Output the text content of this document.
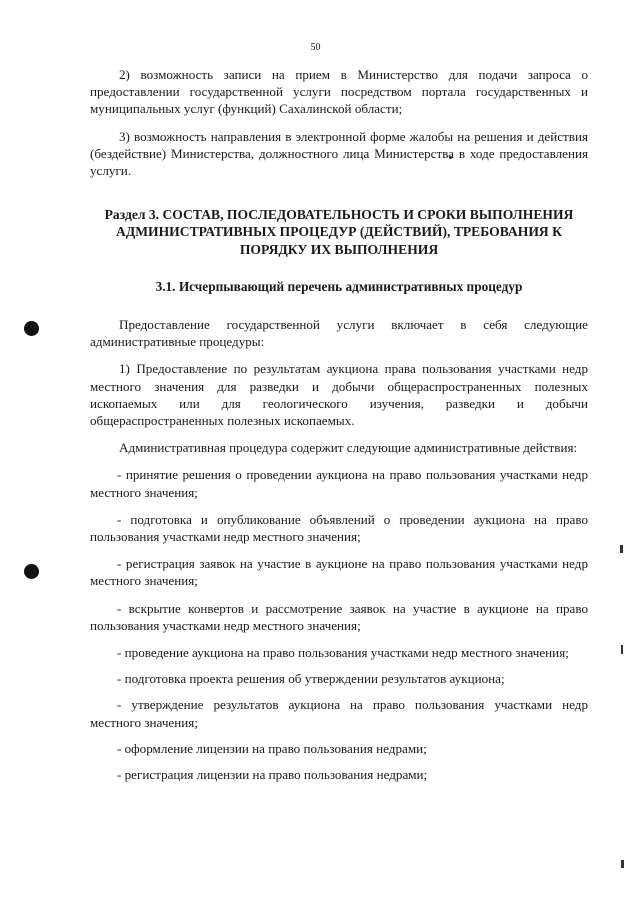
50

2) возможность записи на прием в Министерство для подачи запроса о предоставлении государственной услуги посредством портала государственных и муниципальных услуг (функций) Сахалинской области;

3) возможность направления в электронной форме жалобы на решения и действия (бездействие) Министерства, должностного лица Министерства в ходе предоставления услуги.

Раздел 3. СОСТАВ, ПОСЛЕДОВАТЕЛЬНОСТЬ И СРОКИ ВЫПОЛНЕНИЯ АДМИНИСТРАТИВНЫХ ПРОЦЕДУР (ДЕЙСТВИЙ), ТРЕБОВАНИЯ К ПОРЯДКУ ИХ ВЫПОЛНЕНИЯ
3.1. Исчерпывающий перечень административных процедур

Предоставление государственной услуги включает в себя следующие административные процедуры:

1) Предоставление по результатам аукциона права пользования участками недр местного значения для разведки и добычи общераспространенных полезных ископаемых или для геологического изучения, разведки и добычи общераспространенных полезных ископаемых.

Административная процедура содержит следующие административные действия:

- принятие решения о проведении аукциона на право пользования участками недр местного значения;

- подготовка и опубликование объявлений о проведении аукциона на право пользования участками недр местного значения;

- регистрация заявок на участие в аукционе на право пользования участками недр местного значения;

- вскрытие конвертов и рассмотрение заявок на участие в аукционе на право пользования участками недр местного значения;

- проведение аукциона на право пользования участками недр местного значения;

- подготовка проекта решения об утверждении результатов аукциона;

- утверждение результатов аукциона на право пользования участками недр местного значения;

- оформление лицензии на право пользования недрами;

- регистрация лицензии на право пользования недрами;
